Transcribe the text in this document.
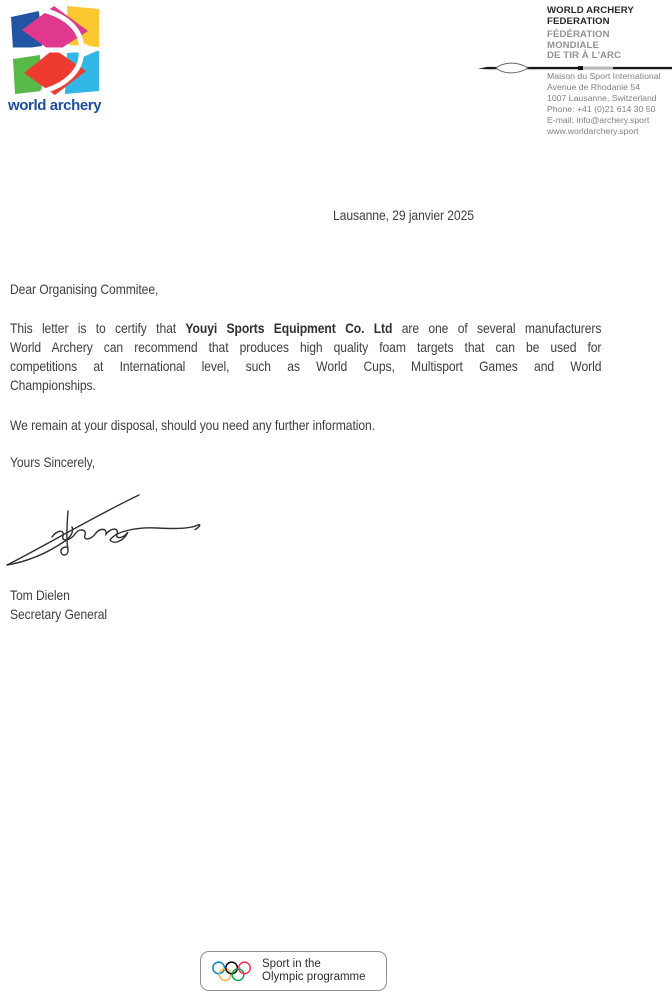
world archery
WORLD ARCHERY
FEDERATION
FÉDÉRATION
MONDIALE
DE TIR À L'ARC
Maison du Sport International
Avenue de Rhodanie 54
1007 Lausanne, Switzerland
Phone: +41 (0)21 614 30 50
E-mail: info@archery.sport
www.worldarchery.sport
Lausanne, 29 janvier 2025
Dear Organising Commitee,
This letter is to certify that Youyi Sports Equipment Co. Ltd are one of several manufacturers
World Archery can recommend that produces high quality foam targets that can be used for
competitions at International level, such as World Cups, Multisport Games and World
Championships.
We remain at your disposal, should you need any further information.
Yours Sincerely,
Tom Dielen
Secretary General
Sport in the
Olympic programme
